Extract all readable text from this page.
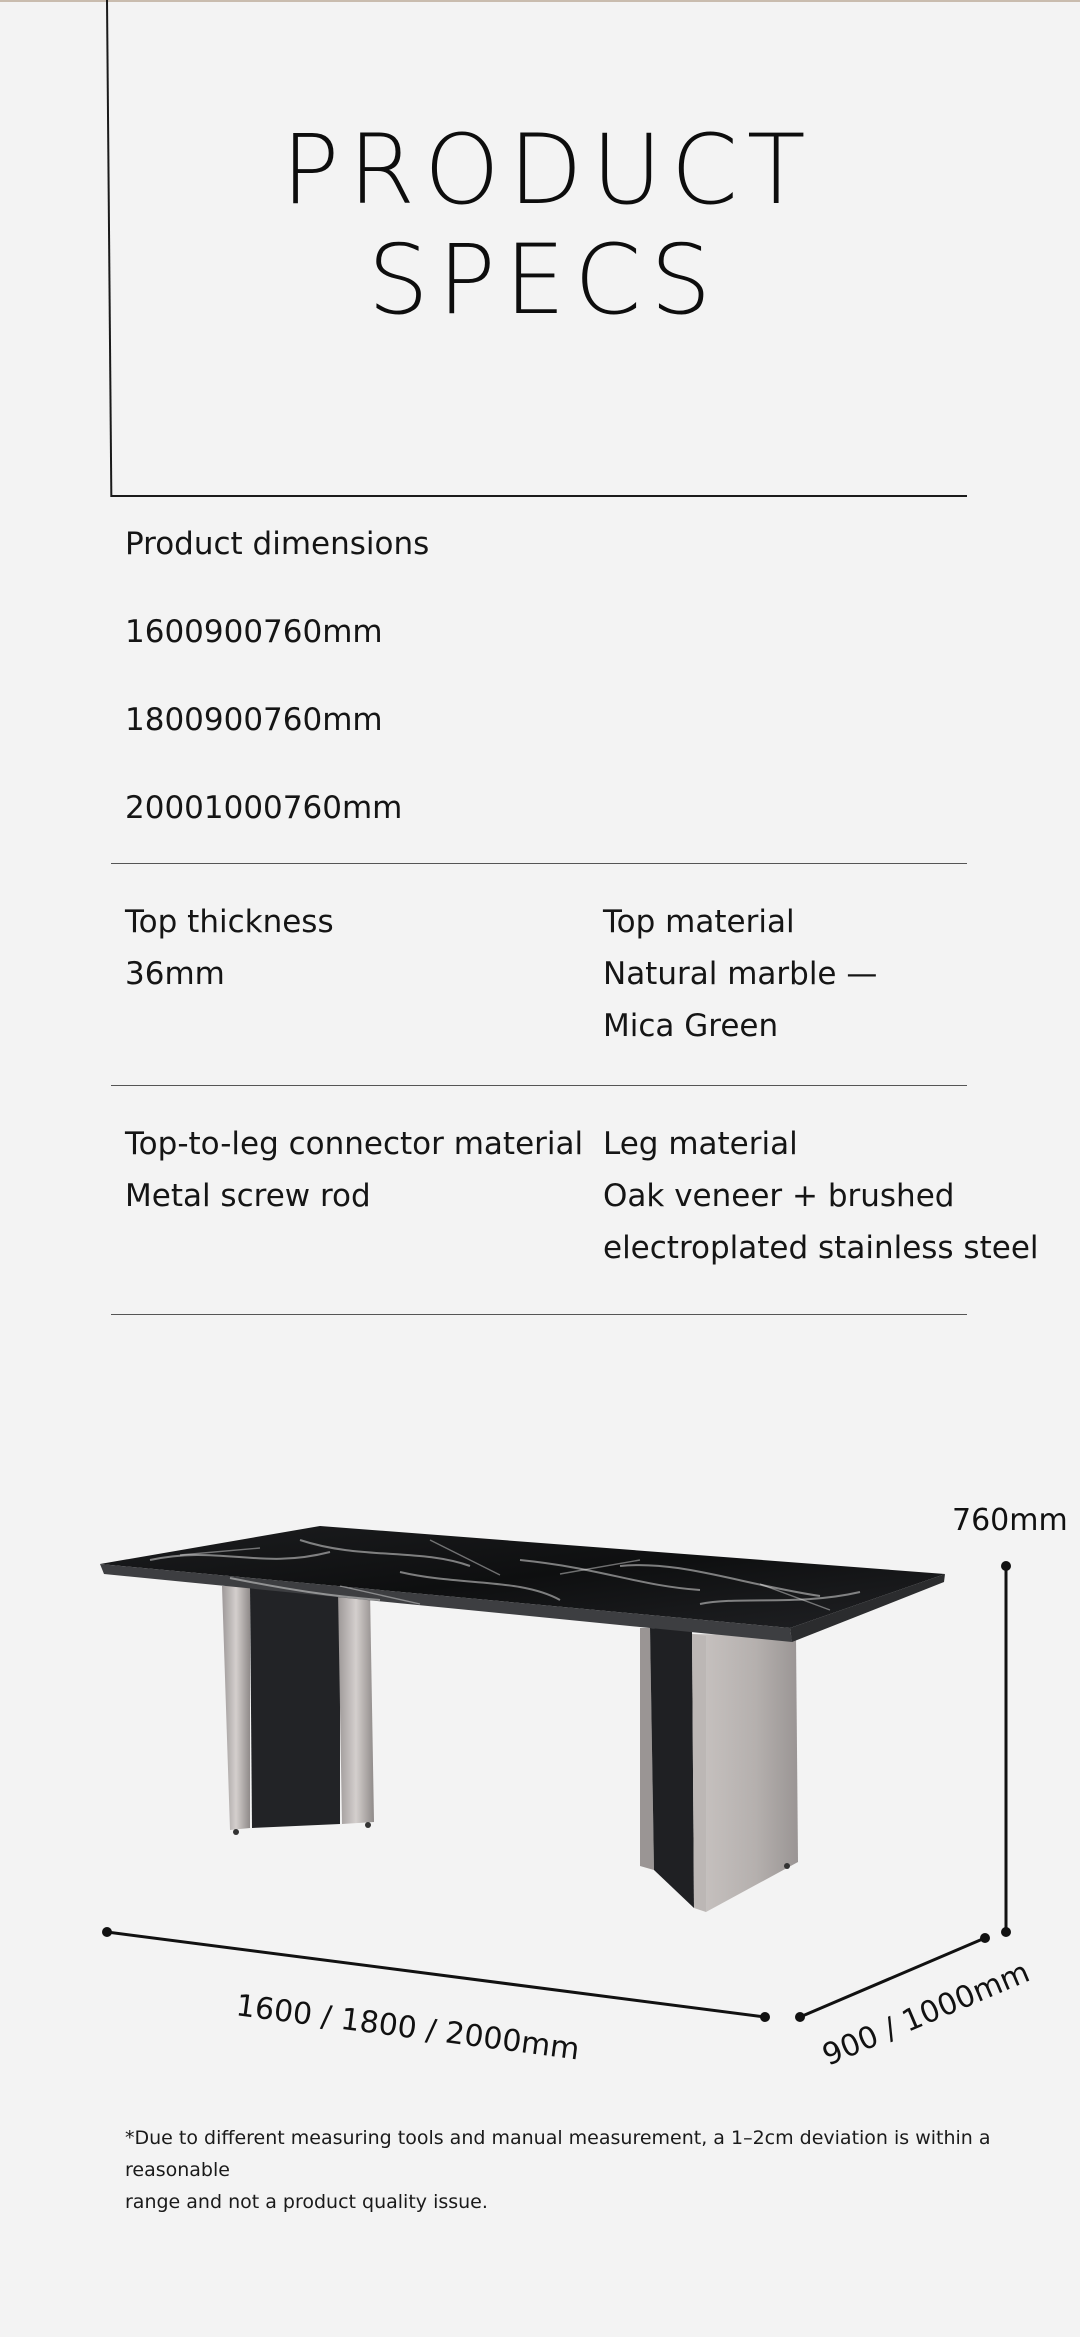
PRODUCT
SPECS
Product dimensions
1600900760mm
1800900760mm
20001000760mm
Top thickness
36mm
Top material
Natural marble —
Mica Green
Top-to-leg connector material
Metal screw rod
Leg material
Oak veneer + brushed
electroplated stainless steel
760mm
1600 / 1800 / 2000mm	900 / 1000mm
*Due to different measuring tools and manual measurement, a 1–2cm deviation is within a reasonable
range and not a product quality issue.
